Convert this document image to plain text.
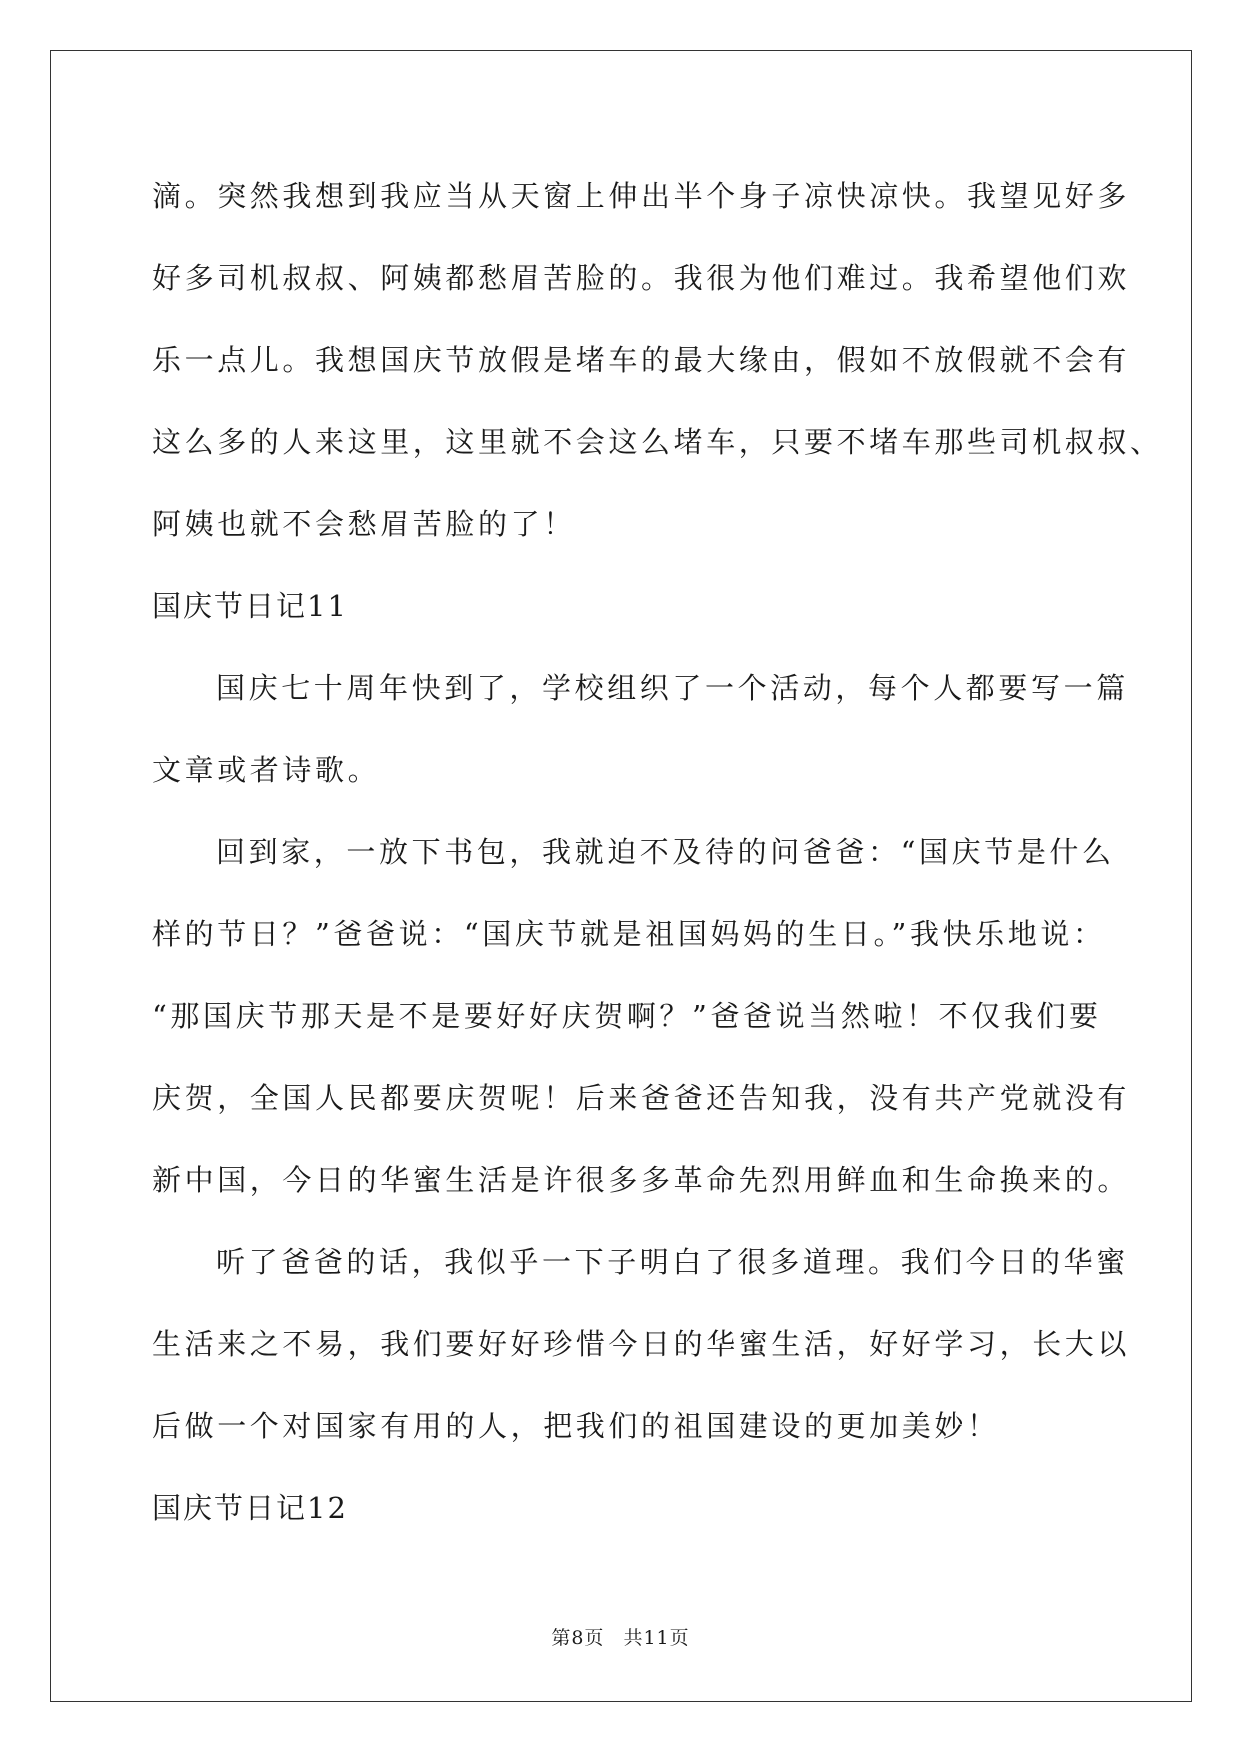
滴。突然我想到我应当从天窗上伸出半个身子凉快凉快。我望见好多
好多司机叔叔、阿姨都愁眉苦脸的。我很为他们难过。我希望他们欢
乐一点儿。我想国庆节放假是堵车的最大缘由，假如不放假就不会有
这么多的人来这里，这里就不会这么堵车，只要不堵车那些司机叔叔、
阿姨也就不会愁眉苦脸的了！
国庆节日记11
国庆七十周年快到了，学校组织了一个活动，每个人都要写一篇
文章或者诗歌。
回到家，一放下书包，我就迫不及待的问爸爸：“国庆节是什么
样的节日？”爸爸说：“国庆节就是祖国妈妈的生日。”我快乐地说：
“那国庆节那天是不是要好好庆贺啊？”爸爸说当然啦！不仅我们要
庆贺，全国人民都要庆贺呢！后来爸爸还告知我，没有共产党就没有
新中国，今日的华蜜生活是许很多多革命先烈用鲜血和生命换来的。
听了爸爸的话，我似乎一下子明白了很多道理。我们今日的华蜜
生活来之不易，我们要好好珍惜今日的华蜜生活，好好学习，长大以
后做一个对国家有用的人，把我们的祖国建设的更加美妙！
国庆节日记12
第8页 共11页
